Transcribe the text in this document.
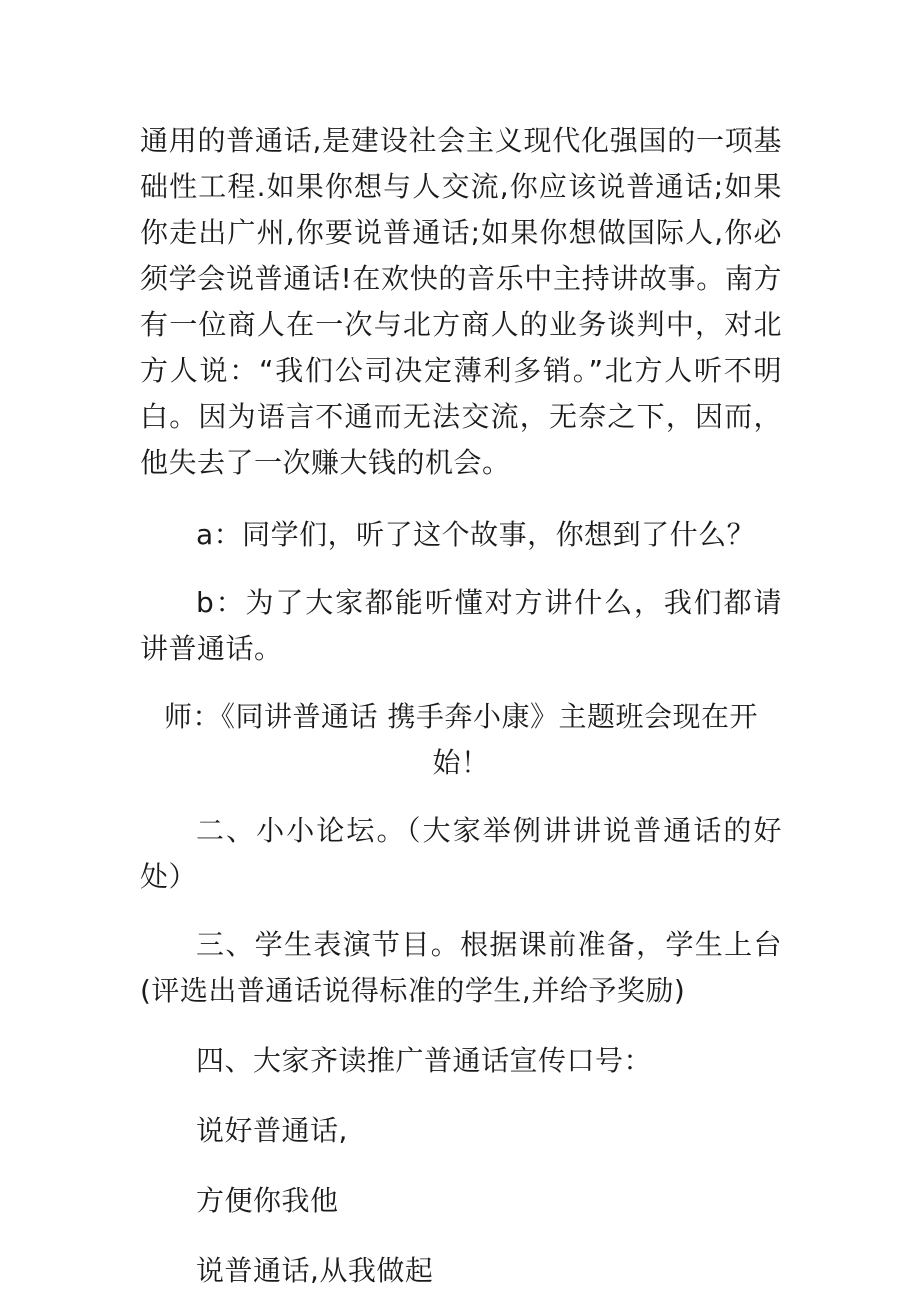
通用的普通话,是建设社会主义现代化强国的一项基础性工程.如果你想与人交流,你应该说普通话;如果你走出广州,你要说普通话;如果你想做国际人,你必须学会说普通话!在欢快的音乐中主持讲故事。南方有一位商人在一次与北方商人的业务谈判中，对北方人说：“我们公司决定薄利多销。”北方人听不明白。因为语言不通而无法交流，无奈之下，因而，他失去了一次赚大钱的机会。

a：同学们，听了这个故事，你想到了什么？

b：为了大家都能听懂对方讲什么，我们都请讲普通话。

师：《同讲普通话 携手奔小康》主题班会现在开始！

二、小小论坛。（大家举例讲讲说普通话的好处）

三、学生表演节目。根据课前准备，学生上台(评选出普通话说得标准的学生,并给予奖励)

四、大家齐读推广普通话宣传口号：

说好普通话,

方便你我他

说普通话,从我做起
